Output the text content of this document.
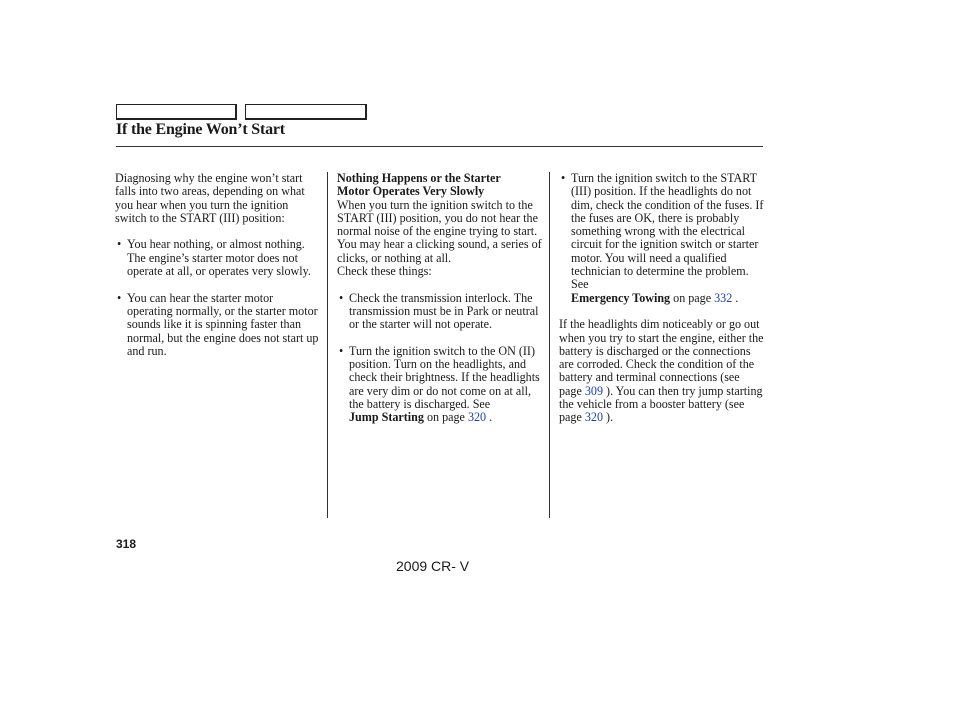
If the Engine Won’t Start

Diagnosing why the engine won’t start falls into two areas, depending on what you hear when you turn the ignition switch to the START (III) position:

• You hear nothing, or almost nothing. The engine’s starter motor does not operate at all, or operates very slowly.
• You can hear the starter motor operating normally, or the starter motor sounds like it is spinning faster than normal, but the engine does not start up and run.

Nothing Happens or the Starter
Motor Operates Very Slowly

When you turn the ignition switch to the START (III) position, you do not hear the normal noise of the engine trying to start. You may hear a clicking sound, a series of clicks, or nothing at all.

Check these things:

• Check the transmission interlock. The transmission must be in Park or neutral or the starter will not operate.
• Turn the ignition switch to the ON (II) position. Turn on the headlights, and check their brightness. If the headlights are very dim or do not come on at all, the battery is discharged. See
Jump Starting on page 320 .
• Turn the ignition switch to the START (III) position. If the headlights do not dim, check the condition of the fuses. If the fuses are OK, there is probably something wrong with the electrical circuit for the ignition switch or starter motor. You will need a qualified technician to determine the problem. See
Emergency Towing on page 332 .

If the headlights dim noticeably or go out when you try to start the engine, either the battery is discharged or the connections are corroded. Check the condition of the battery and terminal connections (see page 309 ). You can then try jump starting the vehicle from a booster battery (see page 320 ).

318
2009 CR- V
